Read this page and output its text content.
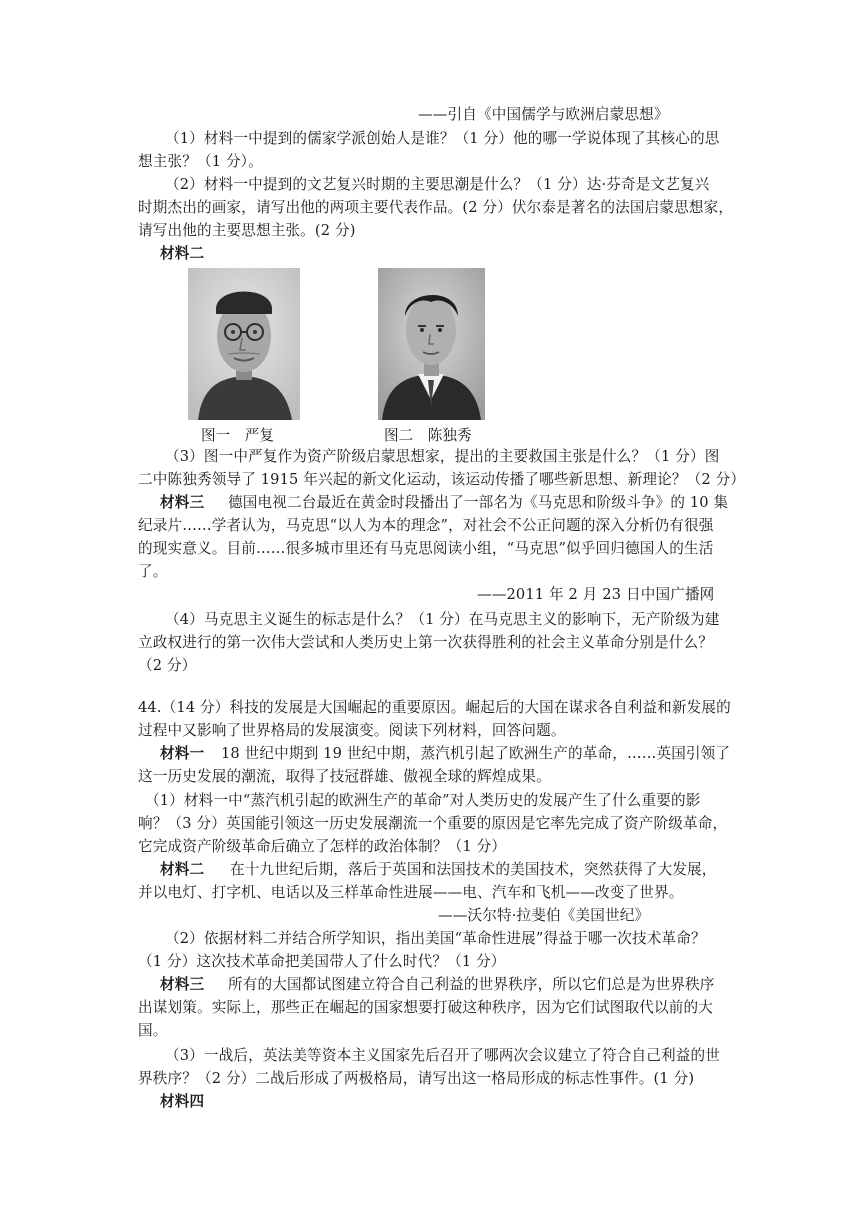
——引自《中国儒学与欧洲启蒙思想》
（1）材料一中提到的儒家学派创始人是谁？（1 分）他的哪一学说体现了其核心的思
想主张？（1 分）。
（2）材料一中提到的文艺复兴时期的主要思潮是什么？（1 分）达·芬奇是文艺复兴
时期杰出的画家，请写出他的两项主要代表作品。(2 分）伏尔泰是著名的法国启蒙思想家，
请写出他的主要思想主张。(2 分)
材料二
图一　严复	图二　陈独秀
（3）图一中严复作为资产阶级启蒙思想家，提出的主要救国主张是什么？（1 分）图
二中陈独秀领导了 1915 年兴起的新文化运动，该运动传播了哪些新思想、新理论？（2 分）
材料三 德国电视二台最近在黄金时段播出了一部名为《马克思和阶级斗争》的 10 集
纪录片……学者认为，马克思“以人为本的理念”，对社会不公正问题的深入分析仍有很强
的现实意义。目前……很多城市里还有马克思阅读小组，“马克思”似乎回归德国人的生活
了。
——2011 年 2 月 23 日中国广播网
（4）马克思主义诞生的标志是什么？（1 分）在马克思主义的影响下，无产阶级为建
立政权进行的第一次伟大尝试和人类历史上第一次获得胜利的社会主义革命分别是什么？
（2 分）
44.（14 分）科技的发展是大国崛起的重要原因。崛起后的大国在谋求各自利益和新发展的
过程中又影响了世界格局的发展演变。阅读下列材料，回答问题。
材料一 18 世纪中期到 19 世纪中期，蒸汽机引起了欧洲生产的革命，……英国引领了
这一历史发展的潮流，取得了技冠群雄、傲视全球的辉煌成果。
（1）材料一中“蒸汽机引起的欧洲生产的革命”对人类历史的发展产生了什么重要的影
响？（3 分）英国能引领这一历史发展潮流一个重要的原因是它率先完成了资产阶级革命，
它完成资产阶级革命后确立了怎样的政治体制？（1 分）
材料二 在十九世纪后期，落后于英国和法国技术的美国技术，突然获得了大发展，
并以电灯、打字机、电话以及三样革命性进展——电、汽车和飞机——改变了世界。
——沃尔特·拉斐伯《美国世纪》
（2）依据材料二并结合所学知识，指出美国“革命性进展”得益于哪一次技术革命？
（1 分）这次技术革命把美国带人了什么时代？（1 分）
材料三 所有的大国都试图建立符合自己利益的世界秩序，所以它们总是为世界秩序
出谋划策。实际上，那些正在崛起的国家想要打破这种秩序，因为它们试图取代以前的大
国。
（3）一战后，英法美等资本主义国家先后召开了哪两次会议建立了符合自己利益的世
界秩序？（2 分）二战后形成了两极格局，请写出这一格局形成的标志性事件。(1 分)
材料四
